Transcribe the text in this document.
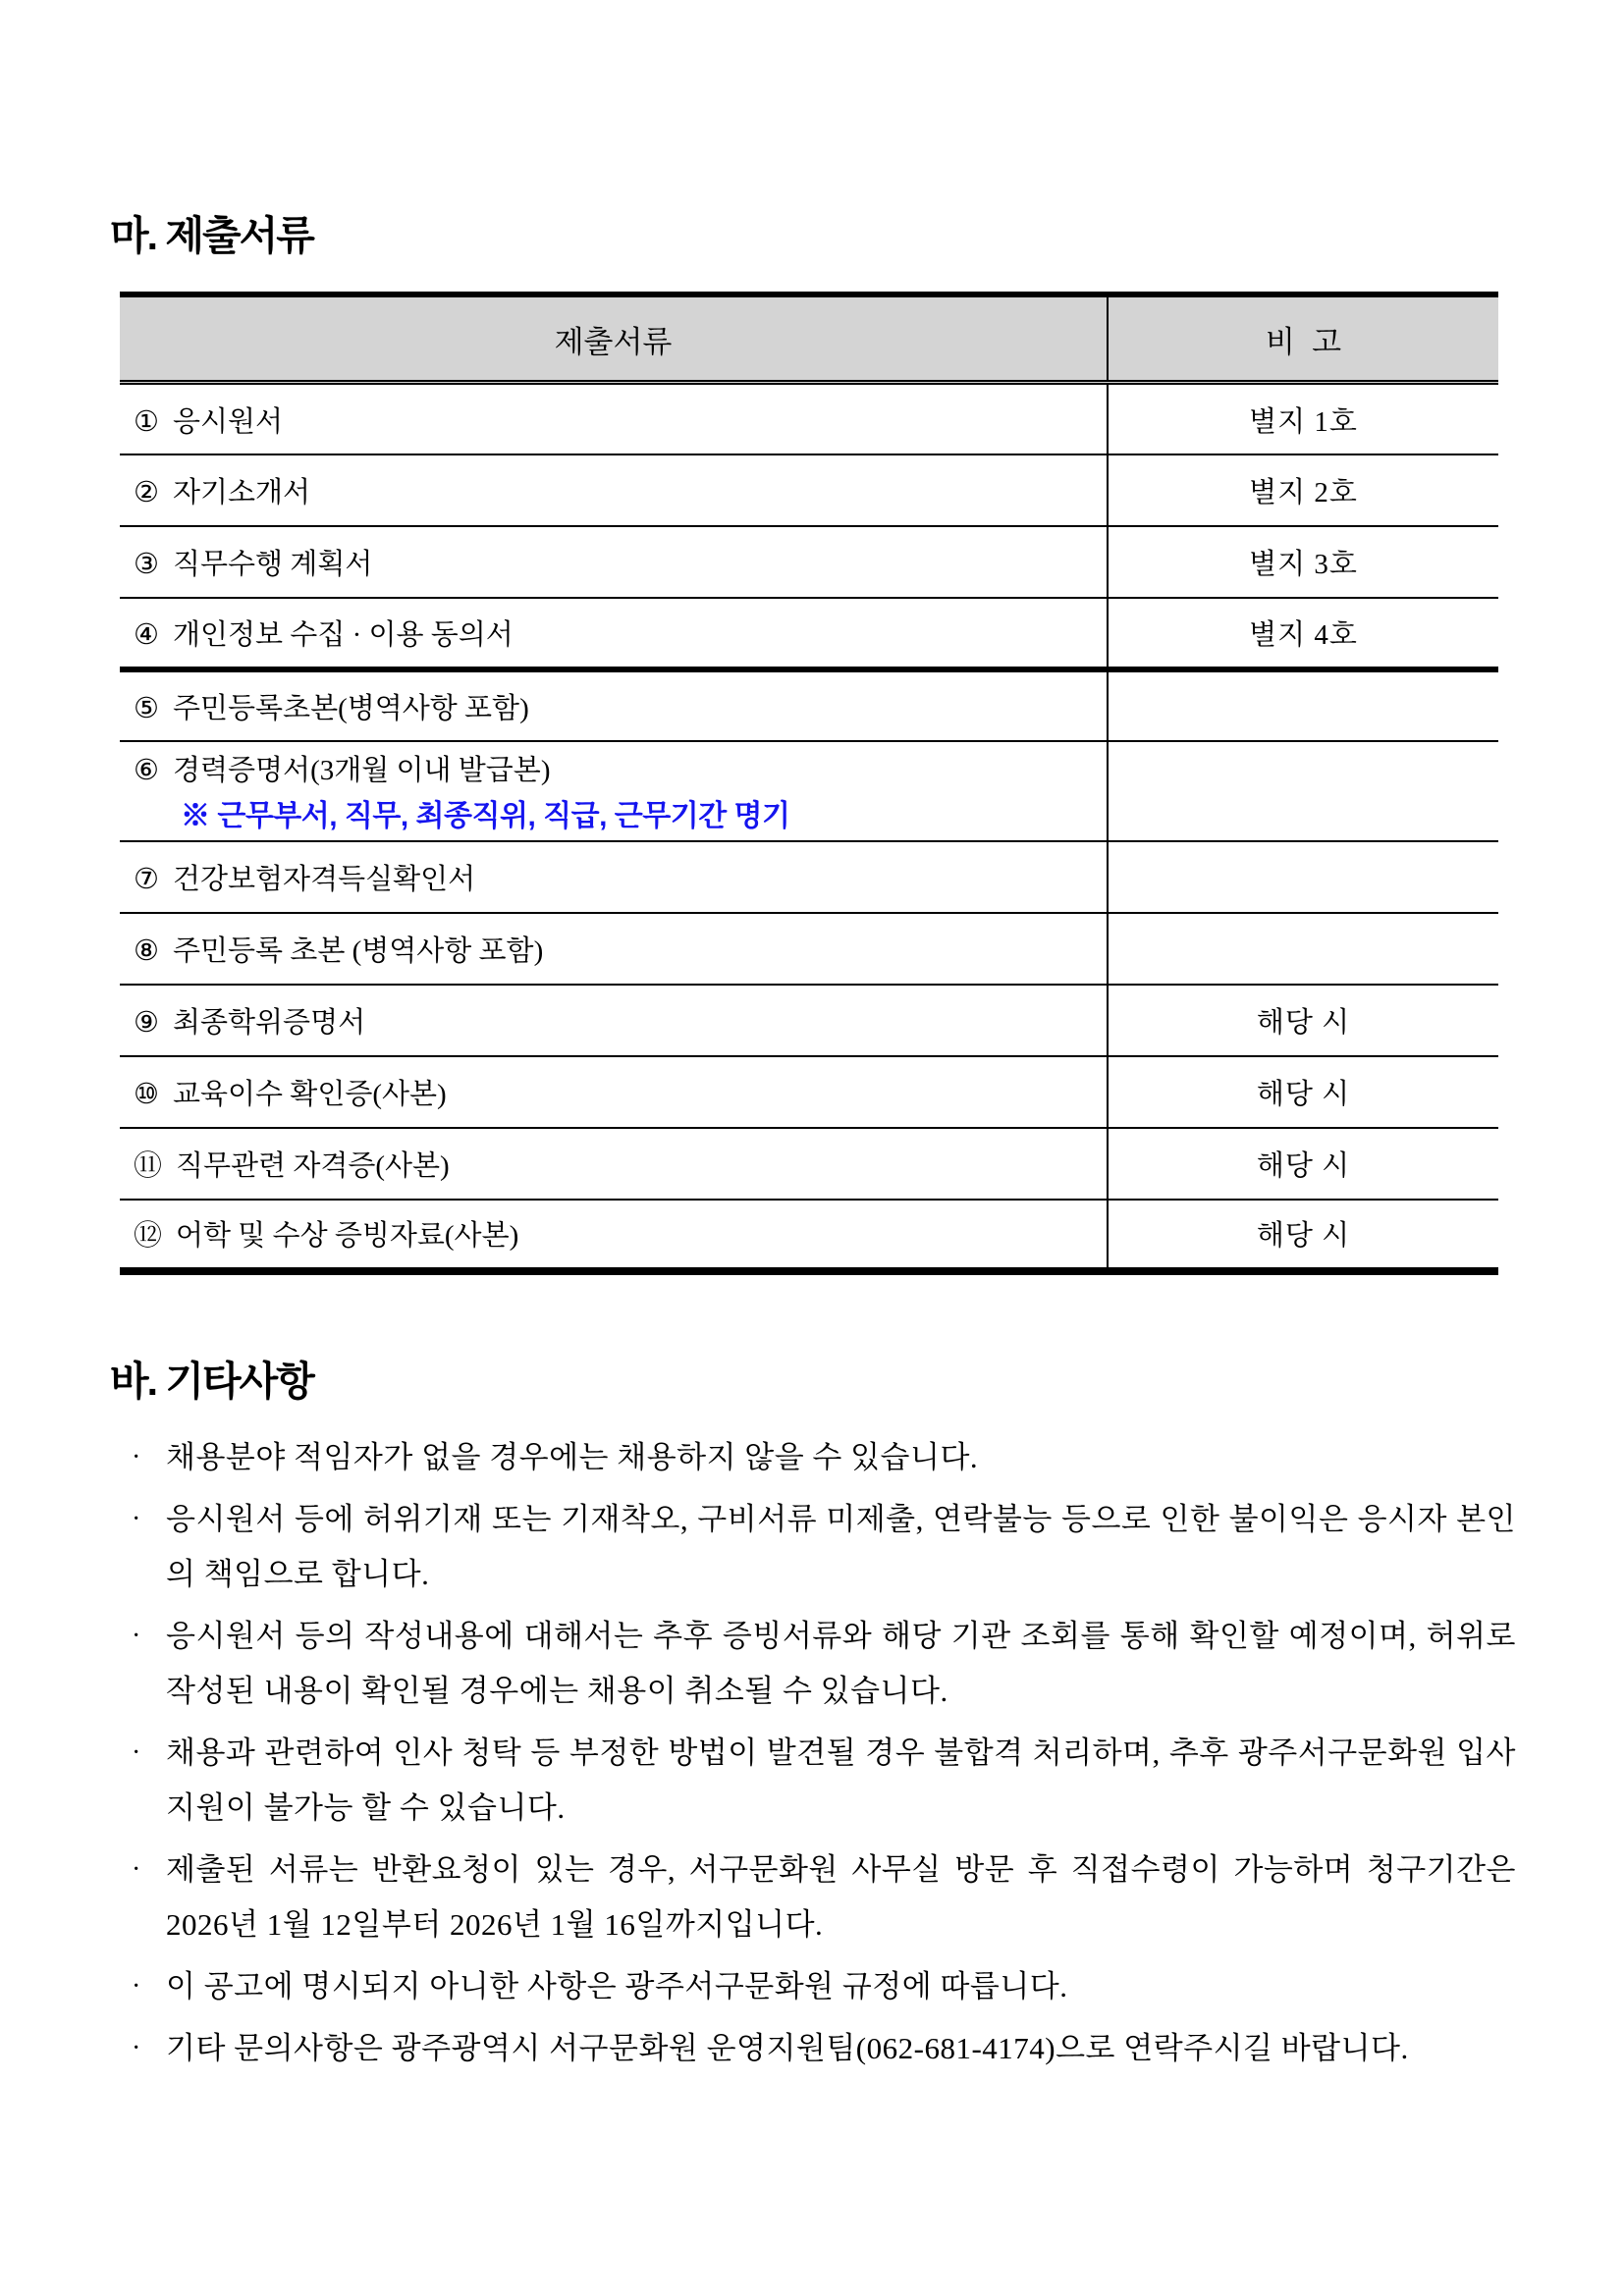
마. 제출서류
제출서류	비  고
① 응시원서	별지 1호
② 자기소개서	별지 2호
③ 직무수행 계획서	별지 3호
④ 개인정보 수집 · 이용 동의서	별지 4호
⑤ 주민등록초본(병역사항 포함)	
⑥ 경력증명서(3개월 이내 발급본)
※ 근무부서, 직무, 최종직위, 직급, 근무기간 명기	

⑦ 건강보험자격득실확인서	
⑧ 주민등록 초본 (병역사항 포함)	
⑨ 최종학위증명서	해당 시
⑩ 교육이수 확인증(사본)	해당 시
⑪ 직무관련 자격증(사본)	해당 시
⑫ 어학 및 수상 증빙자료(사본)	해당 시
바. 기타사항
· 채용분야 적임자가 없을 경우에는 채용하지 않을 수 있습니다.
· 응시원서 등에 허위기재 또는 기재착오, 구비서류 미제출, 연락불능 등으로 인한 불이익은 응시자 본인의 책임으로 합니다.
· 응시원서 등의 작성내용에 대해서는 추후 증빙서류와 해당 기관 조회를 통해 확인할 예정이며, 허위로 작성된 내용이 확인될 경우에는 채용이 취소될 수 있습니다.
· 채용과 관련하여 인사 청탁 등 부정한 방법이 발견될 경우 불합격 처리하며, 추후 광주서구문화원 입사 지원이 불가능 할 수 있습니다.
· 제출된 서류는 반환요청이 있는 경우, 서구문화원 사무실 방문 후 직접수령이 가능하며 청구기간은 2026년 1월 12일부터 2026년 1월 16일까지입니다.
· 이 공고에 명시되지 아니한 사항은 광주서구문화원 규정에 따릅니다.
· 기타 문의사항은 광주광역시 서구문화원 운영지원팀(062-681-4174)으로 연락주시길 바랍니다.
